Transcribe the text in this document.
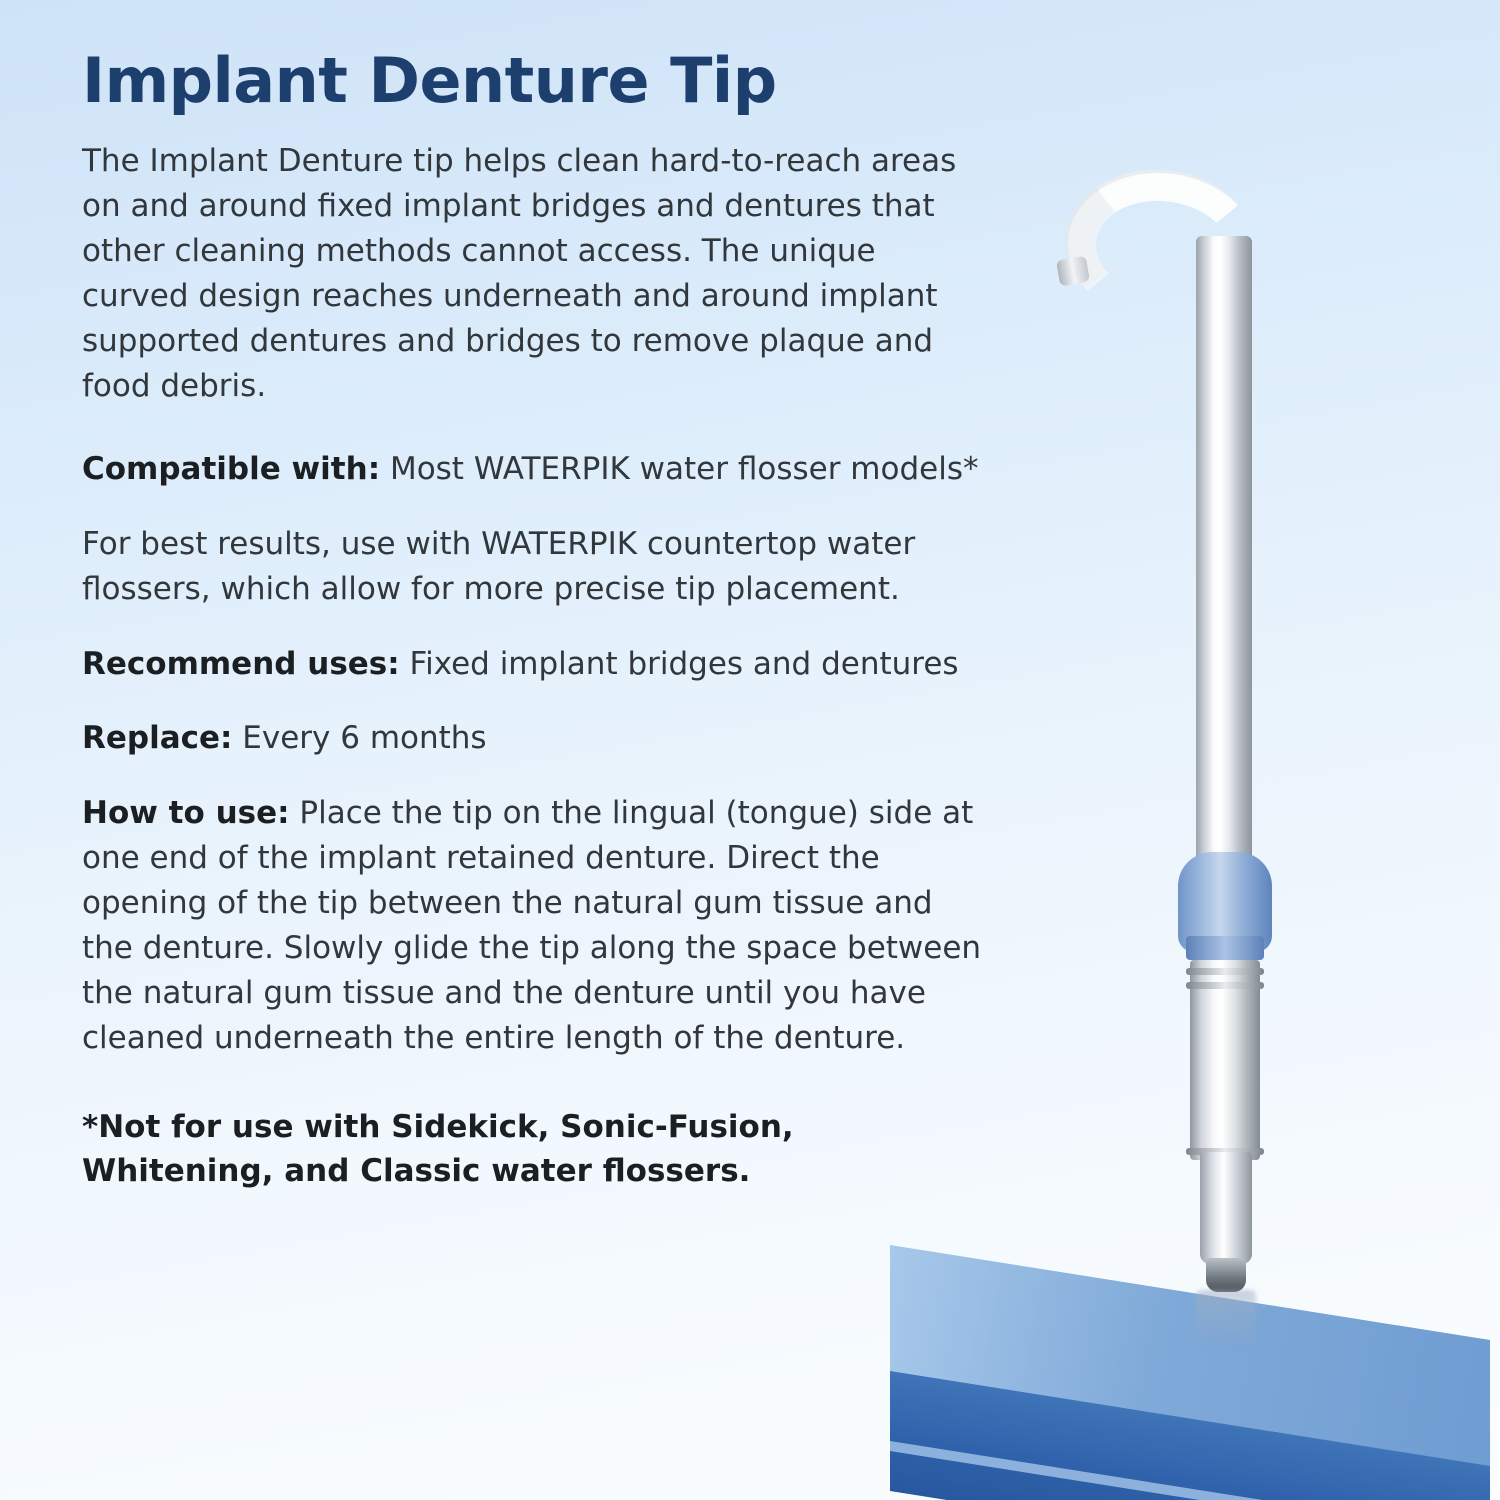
Implant Denture Tip

The Implant Denture tip helps clean hard-to-reach areas on and around fixed implant bridges and dentures that other cleaning methods cannot access. The unique curved design reaches underneath and around implant supported dentures and bridges to remove plaque and food debris.

Compatible with: Most WATERPIK water flosser models*

For best results, use with WATERPIK countertop water flossers, which allow for more precise tip placement.

Recommend uses: Fixed implant bridges and dentures

Replace: Every 6 months

How to use: Place the tip on the lingual (tongue) side at one end of the implant retained denture. Direct the opening of the tip between the natural gum tissue and the denture. Slowly glide the tip along the space between the natural gum tissue and the denture until you have cleaned underneath the entire length of the denture.

*Not for use with Sidekick, Sonic-Fusion, Whitening, and Classic water flossers.
